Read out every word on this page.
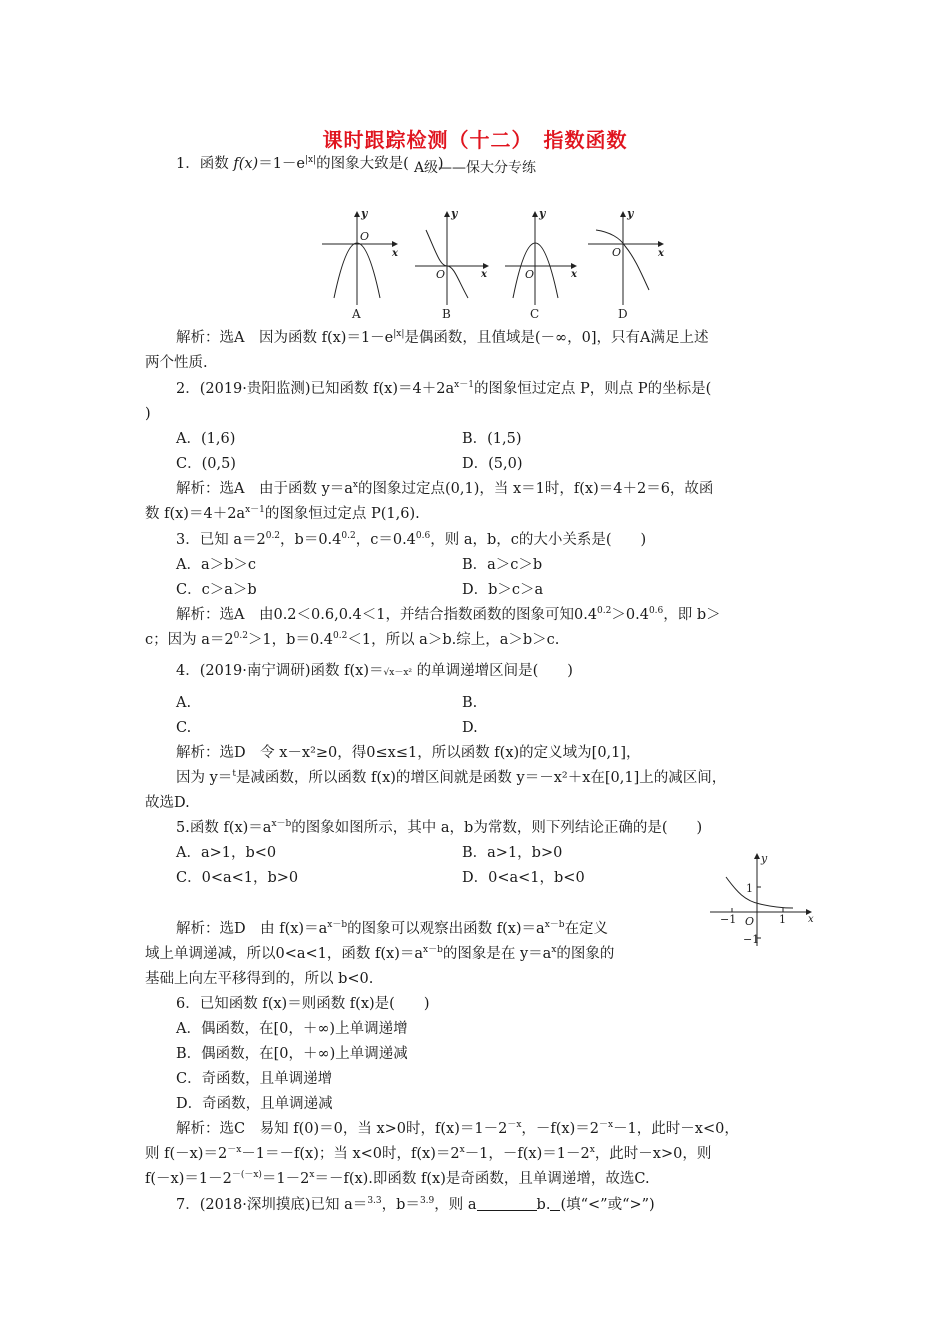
课时跟踪检测（十二）　指数函数
A级——保大分专练
1．函数 $f(x)=1-e^{|x|}$的图象大致是(　　)
y
O
x
A
y
O	x
B
y
O	x
C
y
O	x
D
解析：选A　因为函数 $f(x)=1-e^{|x|}$是偶函数，且值域是(－∞，0]，只有A满足上述
两个性质.
2．(2019·贵阳监测)已知函数 $f(x)=4+2a^{x-1}$的图象恒过定点 P，则点 P的坐标是(
)
A．(1,6)	B．(1,5)
C．(0,5)	D．(5,0)
解析：选A　由于函数 $y=a^x$的图象过定点(0,1)，当 x＝1时，f(x)＝4＋2＝6，故函
数 $f(x)=4+2a^{x-1}$的图象恒过定点 P(1,6).
3．已知 $a=2^{0.2}$，$b=0.4^{0.2}$，$c=0.4^{0.6}$，则 a，b，c的大小关系是(　　)
A．a＞b＞c	B．a＞c＞b
C．c＞a＞b	D．b＞c＞a
解析：选A　由0.2＜0.6,0.4＜1，并结合指数函数的图象可知$0.4^{0.2}>0.4^{0.6}$，即 b＞
c；因为 $a=2^{0.2}>1$，$b=0.4^{0.2}<1$，所以 a＞b.综上，a＞b＞c.
4．(2019·南宁调研)函数 f(x)＝√x－x² 的单调递增区间是(　　)
A.	B.
C.	D.
解析：选D　令 x－x²≥0，得0≤x≤1，所以函数 f(x)的定义域为[0,1]，
因为 y＝$^t$是减函数，所以函数 f(x)的增区间就是函数 y＝－x²＋x在[0,1]上的减区间，
故选D.
5.函数 $f(x)=a^{x-b}$的图象如图所示，其中 a，b为常数，则下列结论正确的是(　　)
A．a>1，b<0	B．a>1，b>0
C．0<a<1，b>0	D．0<a<1，b<0
y
x
1
−1
−1 O 1
解析：选D　由 $f(x)=a^{x-b}$的图象可以观察出函数 $f(x)=a^{x-b}$在定义
域上单调递减，所以0<a<1，函数 $f(x)=a^{x-b}$的图象是在 $y=a^x$的图象的
基础上向左平移得到的，所以 b<0.
6．已知函数 f(x)＝则函数 f(x)是(　　)
A．偶函数，在[0，＋∞)上单调递增
B．偶函数，在[0，＋∞)上单调递减
C．奇函数，且单调递增
D．奇函数，且单调递减
解析：选C　易知 f(0)＝0，当 x>0时，$f(x)=1-2^{-x}$，$-f(x)=2^{-x}-1$，此时－x<0，
则 $f(-x)=2^{-x}-1=-f(x)$；当 x<0时，$f(x)=2^x-1$，$-f(x)=1-2^x$，此时－x>0，则
$f(-x)=1-2^{-(-x)}=1-2^x=-f(x)$.即函数 f(x)是奇函数，且单调递增，故选C.
7．(2018·深圳摸底)已知 a＝$^{3.3}$，b＝$^{3.9}$，则 a	b. (填“<”或“>”)
